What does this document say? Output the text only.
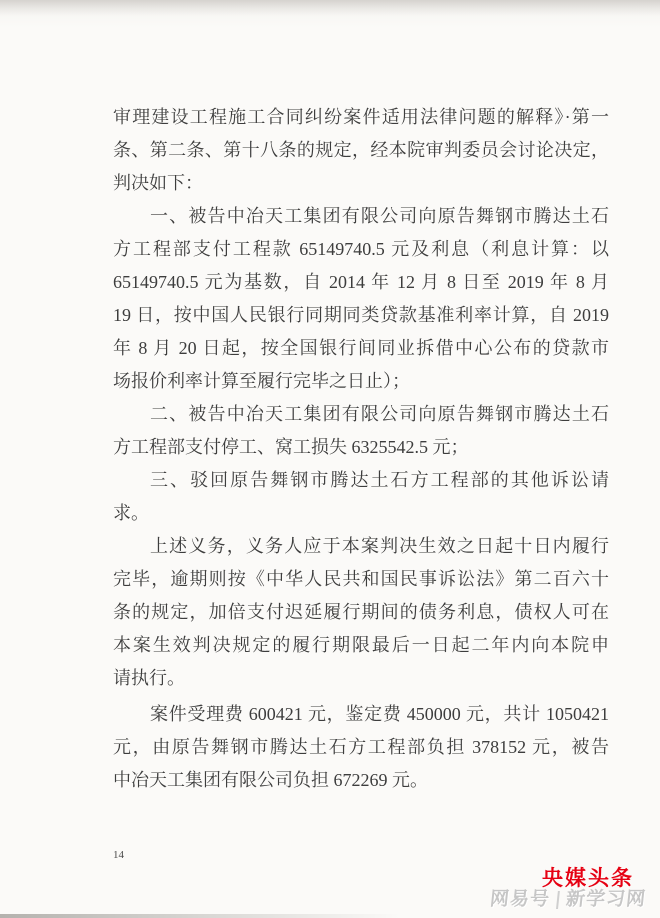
审理建设工程施工合同纠纷案件适用法律问题的解释》·第一
条、第二条、第十八条的规定，经本院审判委员会讨论决定，
判决如下：
一、被告中冶天工集团有限公司向原告舞钢市腾达土石
方工程部支付工程款 65149740.5 元及利息（利息计算：以
65149740.5 元为基数，自 2014 年 12 月 8 日至 2019 年 8 月
19 日，按中国人民银行同期同类贷款基准利率计算，自 2019
年 8 月 20 日起，按全国银行间同业拆借中心公布的贷款市
场报价利率计算至履行完毕之日止）；
二、被告中冶天工集团有限公司向原告舞钢市腾达土石
方工程部支付停工、窝工损失 6325542.5 元；
三、驳回原告舞钢市腾达土石方工程部的其他诉讼请
求。
上述义务，义务人应于本案判决生效之日起十日内履行
完毕，逾期则按《中华人民共和国民事诉讼法》第二百六十
条的规定，加倍支付迟延履行期间的债务利息，债权人可在
本案生效判决规定的履行期限最后一日起二年内向本院申
请执行。
案件受理费 600421 元，鉴定费 450000 元，共计 1050421
元，由原告舞钢市腾达土石方工程部负担 378152 元，被告
中冶天工集团有限公司负担 672269 元。
14
央媒头条
网易号 新学习网
